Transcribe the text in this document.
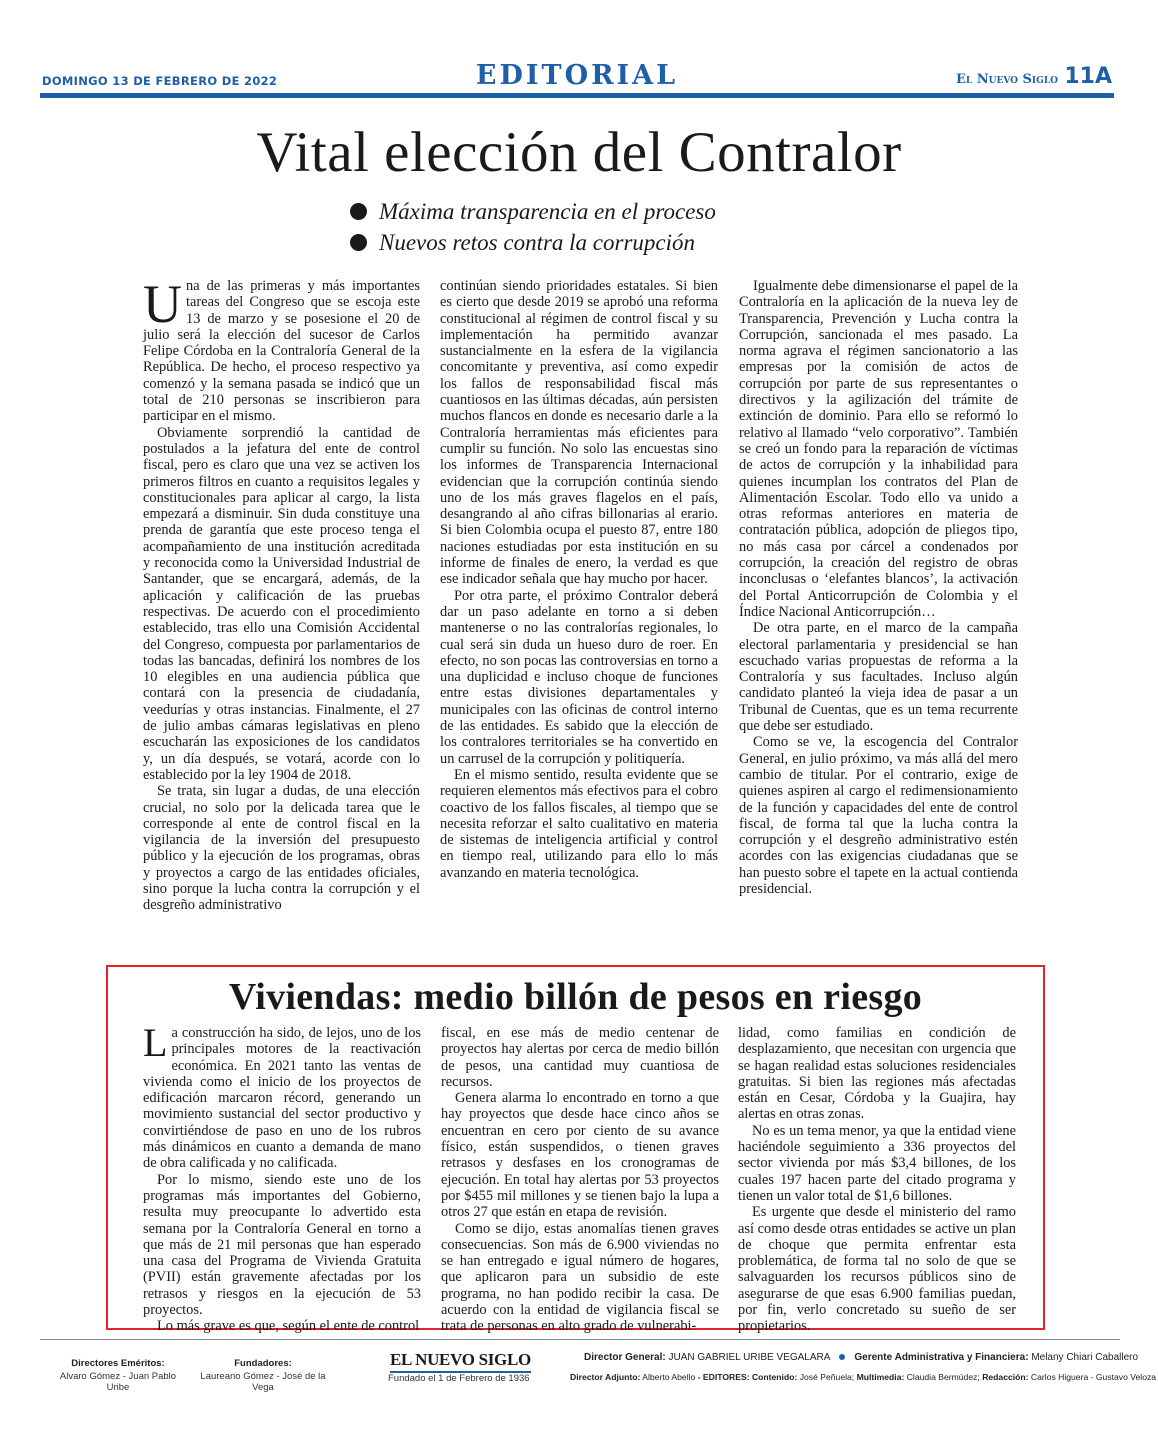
DOMINGO 13 DE FEBRERO DE 2022	EDITORIAL	El Nuevo Siglo 11A
Vital elección del Contralor
Máxima transparencia en el proceso
Nuevos retos contra la corrupción

Una de las primeras y más importantes tareas del Congreso que se escoja este 13 de marzo y se posesione el 20 de julio será la elección del sucesor de Carlos Felipe Córdoba en la Contraloría General de la República. De hecho, el proceso respectivo ya comenzó y la semana pasada se indicó que un total de 210 personas se inscribieron para participar en el mismo.

Obviamente sorprendió la cantidad de postulados a la jefatura del ente de control fiscal, pero es claro que una vez se activen los primeros filtros en cuanto a requisitos legales y constitucionales para aplicar al cargo, la lista empezará a disminuir. Sin duda constituye una prenda de garantía que este proceso tenga el acompañamiento de una institución acreditada y reconocida como la Universidad Industrial de Santander, que se encargará, además, de la aplicación y calificación de las pruebas respectivas. De acuerdo con el procedimiento establecido, tras ello una Comisión Accidental del Congreso, compuesta por parlamentarios de todas las bancadas, definirá los nombres de los 10 elegibles en una audiencia pública que contará con la presencia de ciudadanía, veedurías y otras instancias. Finalmente, el 27 de julio ambas cámaras legislativas en pleno escucharán las exposiciones de los candidatos y, un día después, se votará, acorde con lo establecido por la ley 1904 de 2018.

Se trata, sin lugar a dudas, de una elección crucial, no solo por la delicada tarea que le corresponde al ente de control fiscal en la vigilancia de la inversión del presupuesto público y la ejecución de los programas, obras y proyectos a cargo de las entidades oficiales, sino porque la lucha contra la corrupción y el desgreño administrativo

continúan siendo prioridades estatales. Si bien es cierto que desde 2019 se aprobó una reforma constitucional al régimen de control fiscal y su implementación ha permitido avanzar sustancialmente en la esfera de la vigilancia concomitante y preventiva, así como expedir los fallos de responsabilidad fiscal más cuantiosos en las últimas décadas, aún persisten muchos flancos en donde es necesario darle a la Contraloría herramientas más eficientes para cumplir su función. No solo las encuestas sino los informes de Transparencia Internacional evidencian que la corrupción continúa siendo uno de los más graves flagelos en el país, desangrando al año cifras billonarias al erario. Si bien Colombia ocupa el puesto 87, entre 180 naciones estudiadas por esta institución en su informe de finales de enero, la verdad es que ese indicador señala que hay mucho por hacer.

Por otra parte, el próximo Contralor deberá dar un paso adelante en torno a si deben mantenerse o no las contralorías regionales, lo cual será sin duda un hueso duro de roer. En efecto, no son pocas las controversias en torno a una duplicidad e incluso choque de funciones entre estas divisiones departamentales y municipales con las oficinas de control interno de las entidades. Es sabido que la elección de los contralores territoriales se ha convertido en un carrusel de la corrupción y politiquería.

En el mismo sentido, resulta evidente que se requieren elementos más efectivos para el cobro coactivo de los fallos fiscales, al tiempo que se necesita reforzar el salto cualitativo en materia de sistemas de inteligencia artificial y control en tiempo real, utilizando para ello lo más avanzando en materia tecnológica.

Igualmente debe dimensionarse el papel de la Contraloría en la aplicación de la nueva ley de Transparencia, Prevención y Lucha contra la Corrupción, sancionada el mes pasado. La norma agrava el régimen sancionatorio a las empresas por la comisión de actos de corrupción por parte de sus representantes o directivos y la agilización del trámite de extinción de dominio. Para ello se reformó lo relativo al llamado “velo corporativo”. También se creó un fondo para la reparación de víctimas de actos de corrupción y la inhabilidad para quienes incumplan los contratos del Plan de Alimentación Escolar. Todo ello va unido a otras reformas anteriores en materia de contratación pública, adopción de pliegos tipo, no más casa por cárcel a condenados por corrupción, la creación del registro de obras inconclusas o ‘elefantes blancos’, la activación del Portal Anticorrupción de Colombia y el Índice Nacional Anticorrupción…

De otra parte, en el marco de la campaña electoral parlamentaria y presidencial se han escuchado varias propuestas de reforma a la Contraloría y sus facultades. Incluso algún candidato planteó la vieja idea de pasar a un Tribunal de Cuentas, que es un tema recurrente que debe ser estudiado.

Como se ve, la escogencia del Contralor General, en julio próximo, va más allá del mero cambio de titular. Por el contrario, exige de quienes aspiren al cargo el redimensionamiento de la función y capacidades del ente de control fiscal, de forma tal que la lucha contra la corrupción y el desgreño administrativo estén acordes con las exigencias ciudadanas que se han puesto sobre el tapete en la actual contienda presidencial.

Viviendas: medio billón de pesos en riesgo

La construcción ha sido, de lejos, uno de los principales motores de la reactivación económica. En 2021 tanto las ventas de vivienda como el inicio de los proyectos de edificación marcaron récord, generando un movimiento sustancial del sector productivo y convirtiéndose de paso en uno de los rubros más dinámicos en cuanto a demanda de mano de obra calificada y no calificada.

Por lo mismo, siendo este uno de los programas más importantes del Gobierno, resulta muy preocupante lo advertido esta semana por la Contraloría General en torno a que más de 21 mil personas que han esperado una casa del Programa de Vivienda Gratuita (PVII) están gravemente afectadas por los retrasos y riesgos en la ejecución de 53 proyectos.

Lo más grave es que, según el ente de control

fiscal, en ese más de medio centenar de proyectos hay alertas por cerca de medio billón de pesos, una cantidad muy cuantiosa de recursos.

Genera alarma lo encontrado en torno a que hay proyectos que desde hace cinco años se encuentran en cero por ciento de su avance físico, están suspendidos, o tienen graves retrasos y desfases en los cronogramas de ejecución. En total hay alertas por 53 proyectos por $455 mil millones y se tienen bajo la lupa a otros 27 que están en etapa de revisión.

Como se dijo, estas anomalías tienen graves consecuencias. Son más de 6.900 viviendas no se han entregado e igual número de hogares, que aplicaron para un subsidio de este programa, no han podido recibir la casa. De acuerdo con la entidad de vigilancia fiscal se trata de personas en alto grado de vulnerabi-

lidad, como familias en condición de desplazamiento, que necesitan con urgencia que se hagan realidad estas soluciones residenciales gratuitas. Si bien las regiones más afectadas están en Cesar, Córdoba y la Guajira, hay alertas en otras zonas.

No es un tema menor, ya que la entidad viene haciéndole seguimiento a 336 proyectos del sector vivienda por más $3,4 billones, de los cuales 197 hacen parte del citado programa y tienen un valor total de $1,6 billones.

Es urgente que desde el ministerio del ramo así como desde otras entidades se active un plan de choque que permita enfrentar esta problemática, de forma tal no solo de que se salvaguarden los recursos públicos sino de asegurarse de que esas 6.900 familias puedan, por fin, verlo concretado su sueño de ser propietarios.

Directores Eméritos:
Alvaro Gómez - Juan Pablo Uribe
Fundadores:
Laureano Gómez - José de la Vega
EL NUEVO SIGLO
Fundado el 1 de Febrero de 1936
Director General: JUAN GABRIEL URIBE VEGALARA Gerente Administrativa y Financiera: Melany Chiari Caballero
Director Adjunto: Alberto Abello - EDITORES: Contenido: José Peñuela; Multimedia: Claudia Bermúdez; Redacción: Carlos Higuera - Gustavo Veloza
